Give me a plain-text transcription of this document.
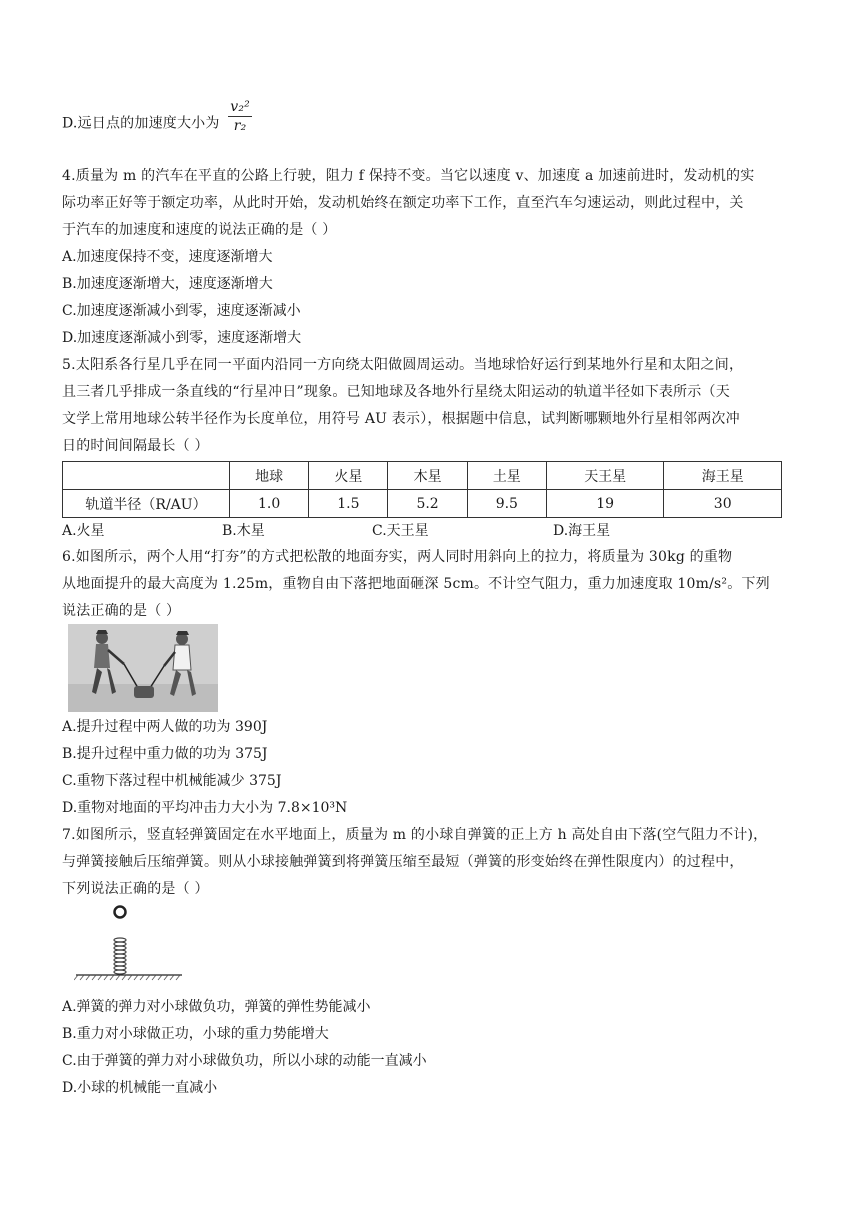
D.远日点的加速度大小为 $\frac{\text{v₂²}}{\text{r₂}}$
4.质量为 m 的汽车在平直的公路上行驶，阻力 f 保持不变。当它以速度 v、加速度 a 加速前进时，发动机的实
际功率正好等于额定功率，从此时开始，发动机始终在额定功率下工作，直至汽车匀速运动，则此过程中，关
于汽车的加速度和速度的说法正确的是（ ）
A.加速度保持不变，速度逐渐增大
B.加速度逐渐增大，速度逐渐增大
C.加速度逐渐减小到零，速度逐渐减小
D.加速度逐渐减小到零，速度逐渐增大
5.太阳系各行星几乎在同一平面内沿同一方向绕太阳做圆周运动。当地球恰好运行到某地外行星和太阳之间，
且三者几乎排成一条直线的“行星冲日”现象。已知地球及各地外行星绕太阳运动的轨道半径如下表所示（天
文学上常用地球公转半径作为长度单位，用符号 AU 表示），根据题中信息，试判断哪颗地外行星相邻两次冲
日的时间间隔最长（ ）
	地球	火星	木星	土星	天王星	海王星
轨道半径（R/AU）	1.0	1.5	5.2	9.5	19	30
A.火星	B.木星	C.天王星	D.海王星
6.如图所示，两个人用“打夯”的方式把松散的地面夯实，两人同时用斜向上的拉力，将质量为 30kg 的重物
从地面提升的最大高度为 1.25m，重物自由下落把地面砸深 5cm。不计空气阻力，重力加速度取 10m/s²。下列
说法正确的是（ ）
A.提升过程中两人做的功为 390J
B.提升过程中重力做的功为 375J
C.重物下落过程中机械能减少 375J
D.重物对地面的平均冲击力大小为 7.8×10³N
7.如图所示，竖直轻弹簧固定在水平地面上，质量为 m 的小球自弹簧的正上方 h 高处自由下落(空气阻力不计)，
与弹簧接触后压缩弹簧。则从小球接触弹簧到将弹簧压缩至最短（弹簧的形变始终在弹性限度内）的过程中，
下列说法正确的是（ ）
A.弹簧的弹力对小球做负功，弹簧的弹性势能减小
B.重力对小球做正功，小球的重力势能增大
C.由于弹簧的弹力对小球做负功，所以小球的动能一直减小
D.小球的机械能一直减小
